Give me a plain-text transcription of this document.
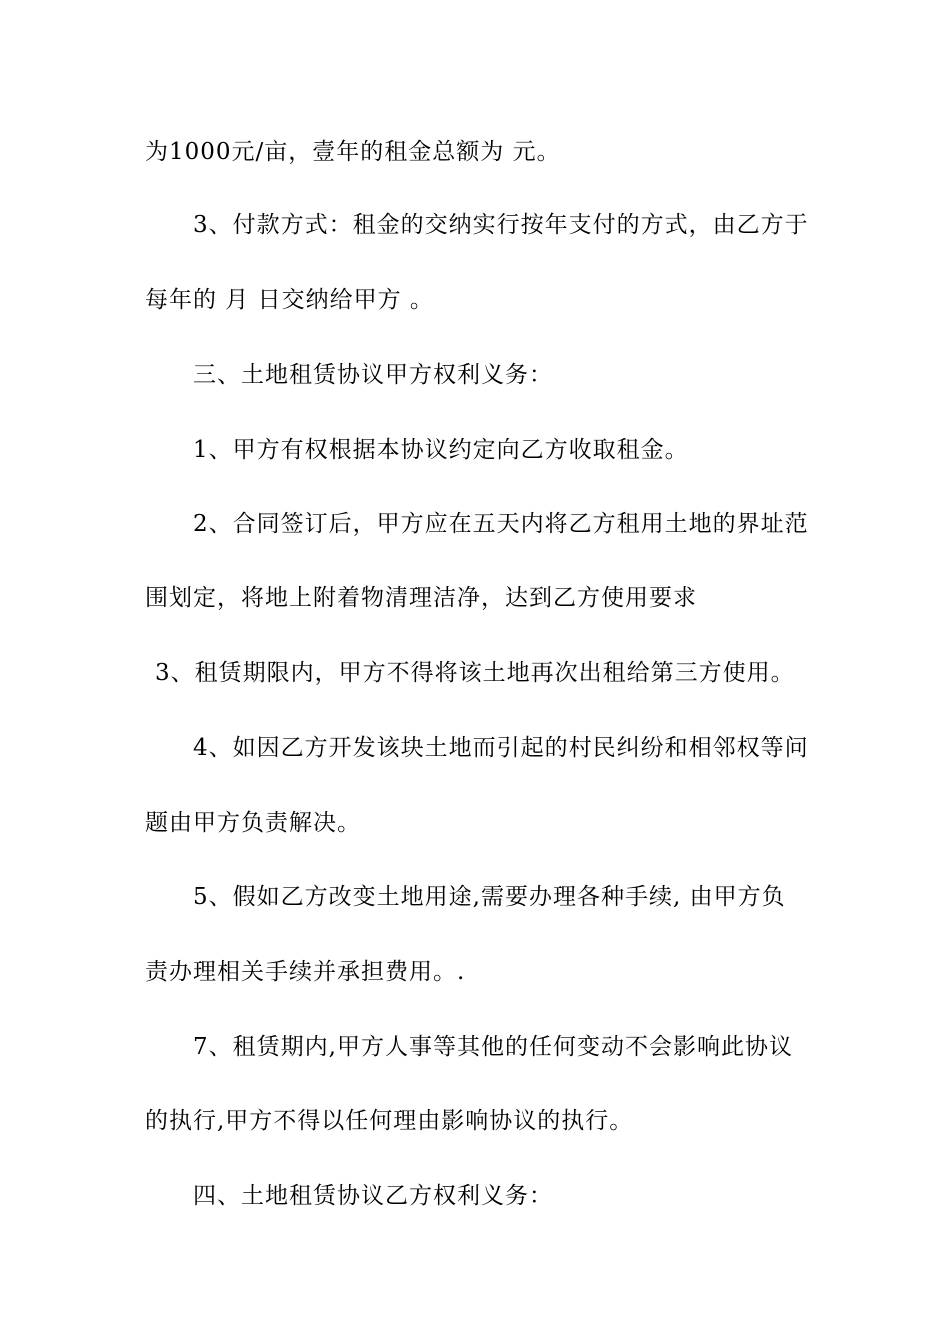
为1000元/亩，壹年的租金总额为 元。
3、付款方式：租金的交纳实行按年支付的方式，由乙方于
每年的 月 日交纳给甲方 。
三、土地租赁协议甲方权利义务：
1、甲方有权根据本协议约定向乙方收取租金。
2、合同签订后，甲方应在五天内将乙方租用土地的界址范
围划定，将地上附着物清理洁净，达到乙方使用要求
3、租赁期限内，甲方不得将该土地再次出租给第三方使用。
4、如因乙方开发该块土地而引起的村民纠纷和相邻权等问
题由甲方负责解决。
5、假如乙方改变土地用途,需要办理各种手续, 由甲方负
责办理相关手续并承担费用。.
7、租赁期内,甲方人事等其他的任何变动不会影响此协议
的执行,甲方不得以任何理由影响协议的执行。
四、土地租赁协议乙方权利义务：
